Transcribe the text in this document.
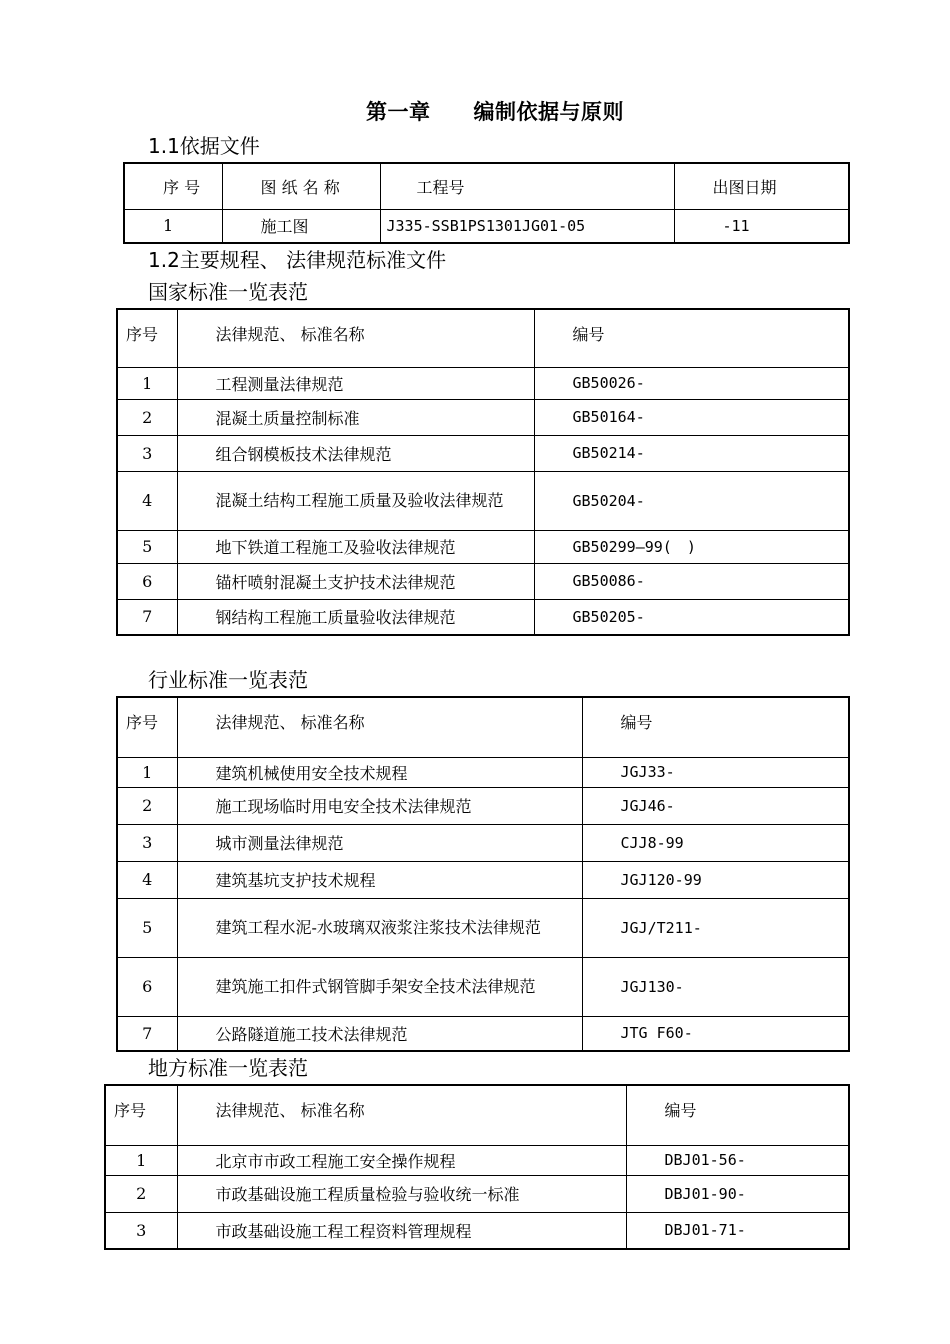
第一章　　编制依据与原则
1.1依据文件
序 号	图 纸 名 称	工程号	出图日期
1	施工图	J335-SSB1PS1301JG01-05	-11
1.2主要规程、 法律规范标准文件
国家标准一览表范
序号	法律规范、 标准名称	编号
1	工程测量法律规范	GB50026-
2	混凝土质量控制标准	GB50164-
3	组合钢模板技术法律规范	GB50214-
4	混凝土结构工程施工质量及验收法律规范	GB50204-
5	地下铁道工程施工及验收法律规范	GB50299—99(　)
6	锚杆喷射混凝土支护技术法律规范	GB50086-
7	钢结构工程施工质量验收法律规范	GB50205-
行业标准一览表范
序号	法律规范、 标准名称	编号
1	建筑机械使用安全技术规程	JGJ33-
2	施工现场临时用电安全技术法律规范	JGJ46-
3	城市测量法律规范	CJJ8-99
4	建筑基坑支护技术规程	JGJ120-99
5	建筑工程水泥-水玻璃双液浆注浆技术法律规范	JGJ/T211-
6	建筑施工扣件式钢管脚手架安全技术法律规范	JGJ130-
7	公路隧道施工技术法律规范	JTG F60-
地方标准一览表范
序号	法律规范、 标准名称	编号
1	北京市市政工程施工安全操作规程	DBJ01-56-
2	市政基础设施工程质量检验与验收统一标准	DBJ01-90-
3	市政基础设施工程工程资料管理规程	DBJ01-71-
